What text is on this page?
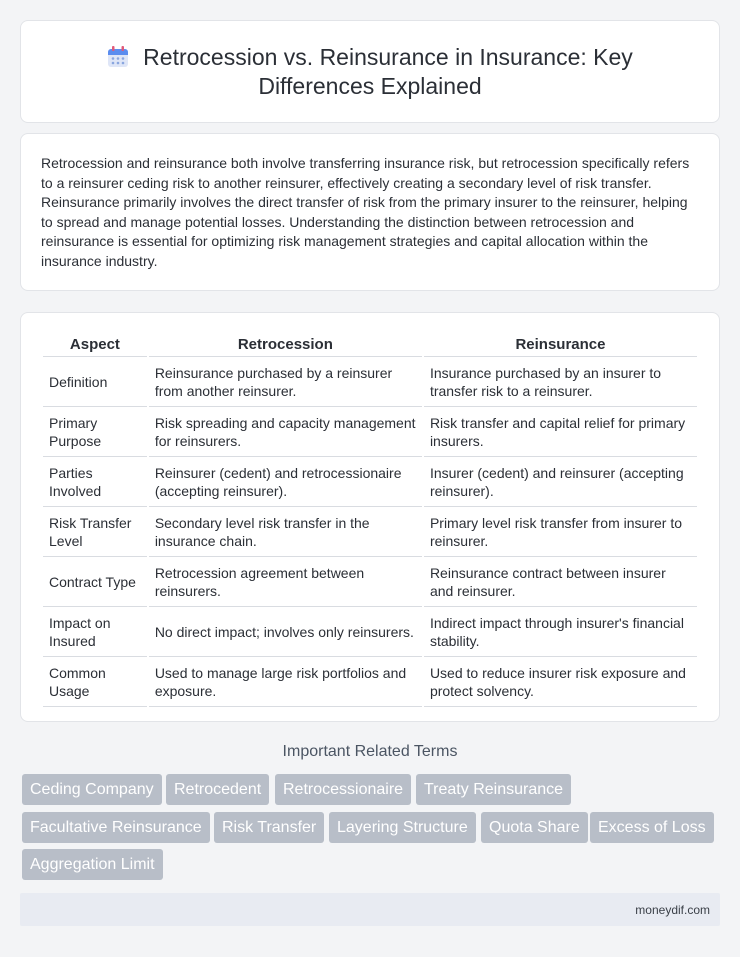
Retrocession vs. Reinsurance in Insurance: Key
Differences Explained

Retrocession and reinsurance both involve transferring insurance risk, but retrocession specifically refers to a reinsurer ceding risk to another reinsurer, effectively creating a secondary level of risk transfer. Reinsurance primarily involves the direct transfer of risk from the primary insurer to the reinsurer, helping to spread and manage potential losses. Understanding the distinction between retrocession and reinsurance is essential for optimizing risk management strategies and capital allocation within the insurance industry.

Aspect	Retrocession	Reinsurance
Definition	Reinsurance purchased by a reinsurer from another reinsurer.	Insurance purchased by an insurer to transfer risk to a reinsurer.
Primary Purpose	Risk spreading and capacity management for reinsurers.	Risk transfer and capital relief for primary insurers.
Parties Involved	Reinsurer (cedent) and retrocessionaire (accepting reinsurer).	Insurer (cedent) and reinsurer (accepting reinsurer).
Risk Transfer Level	Secondary level risk transfer in the insurance chain.	Primary level risk transfer from insurer to reinsurer.
Contract Type	Retrocession agreement between reinsurers.	Reinsurance contract between insurer and reinsurer.
Impact on Insured	No direct impact; involves only reinsurers.	Indirect impact through insurer's financial stability.
Common Usage	Used to manage large risk portfolios and exposure.	Used to reduce insurer risk exposure and protect solvency.
Important Related Terms
Ceding Company	Retrocedent	Retrocessionaire	Treaty Reinsurance
Facultative Reinsurance	Risk Transfer	Layering Structure	Quota Share	Excess of Loss
Aggregation Limit
moneydif.com
